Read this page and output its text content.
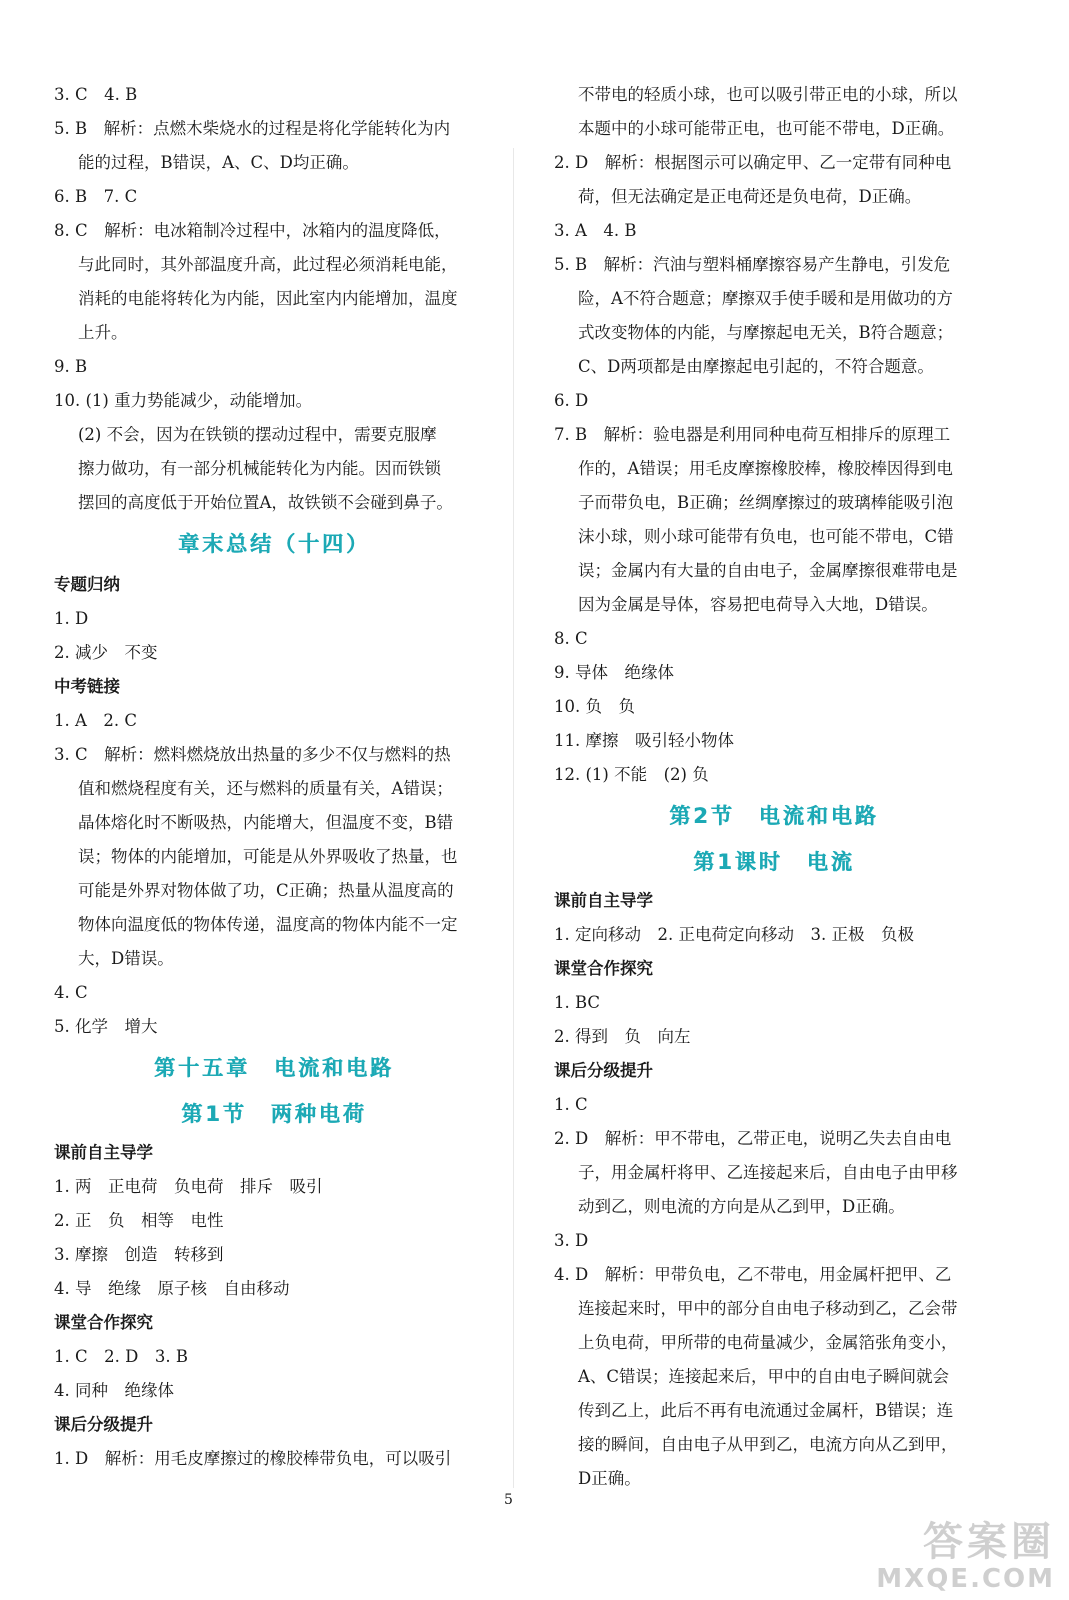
3. C　4. B
5. B　解析：点燃木柴烧水的过程是将化学能转化为内
能的过程，B错误，A、C、D均正确。
6. B　7. C
8. C　解析：电冰箱制冷过程中，冰箱内的温度降低，
与此同时，其外部温度升高，此过程必须消耗电能，
消耗的电能将转化为内能，因此室内内能增加，温度
上升。
9. B
10. (1) 重力势能减少，动能增加。
(2) 不会，因为在铁锁的摆动过程中，需要克服摩
擦力做功，有一部分机械能转化为内能。因而铁锁
摆回的高度低于开始位置A，故铁锁不会碰到鼻子。
章末总结（十四）
专题归纳
1. D
2. 减少　不变
中考链接
1. A　2. C
3. C　解析：燃料燃烧放出热量的多少不仅与燃料的热
值和燃烧程度有关，还与燃料的质量有关，A错误；
晶体熔化时不断吸热，内能增大，但温度不变，B错
误；物体的内能增加，可能是从外界吸收了热量，也
可能是外界对物体做了功，C正确；热量从温度高的
物体向温度低的物体传递，温度高的物体内能不一定
大，D错误。
4. C
5. 化学　增大
第十五章　电流和电路
第1节　两种电荷
课前自主导学
1. 两　正电荷　负电荷　排斥　吸引
2. 正　负　相等　电性
3. 摩擦　创造　转移到
4. 导　绝缘　原子核　自由移动
课堂合作探究
1. C　2. D　3. B
4. 同种　绝缘体
课后分级提升
1. D　解析：用毛皮摩擦过的橡胶棒带负电，可以吸引
不带电的轻质小球，也可以吸引带正电的小球，所以
本题中的小球可能带正电，也可能不带电，D正确。
2. D　解析：根据图示可以确定甲、乙一定带有同种电
荷，但无法确定是正电荷还是负电荷，D正确。
3. A　4. B
5. B　解析：汽油与塑料桶摩擦容易产生静电，引发危
险，A不符合题意；摩擦双手使手暖和是用做功的方
式改变物体的内能，与摩擦起电无关，B符合题意；
C、D两项都是由摩擦起电引起的，不符合题意。
6. D
7. B　解析：验电器是利用同种电荷互相排斥的原理工
作的，A错误；用毛皮摩擦橡胶棒，橡胶棒因得到电
子而带负电，B正确；丝绸摩擦过的玻璃棒能吸引泡
沫小球，则小球可能带有负电，也可能不带电，C错
误；金属内有大量的自由电子，金属摩擦很难带电是
因为金属是导体，容易把电荷导入大地，D错误。
8. C
9. 导体　绝缘体
10. 负　负
11. 摩擦　吸引轻小物体
12. (1) 不能　(2) 负
第2节　电流和电路
第1课时　电流
课前自主导学
1. 定向移动　2. 正电荷定向移动　3. 正极　负极
课堂合作探究
1. BC
2. 得到　负　向左
课后分级提升
1. C
2. D　解析：甲不带电，乙带正电，说明乙失去自由电
子，用金属杆将甲、乙连接起来后，自由电子由甲移
动到乙，则电流的方向是从乙到甲，D正确。
3. D
4. D　解析：甲带负电，乙不带电，用金属杆把甲、乙
连接起来时，甲中的部分自由电子移动到乙，乙会带
上负电荷，甲所带的电荷量减少，金属箔张角变小，
A、C错误；连接起来后，甲中的自由电子瞬间就会
传到乙上，此后不再有电流通过金属杆，B错误；连
接的瞬间，自由电子从甲到乙，电流方向从乙到甲，
D正确。
5
答案圈
MXQE.COM
